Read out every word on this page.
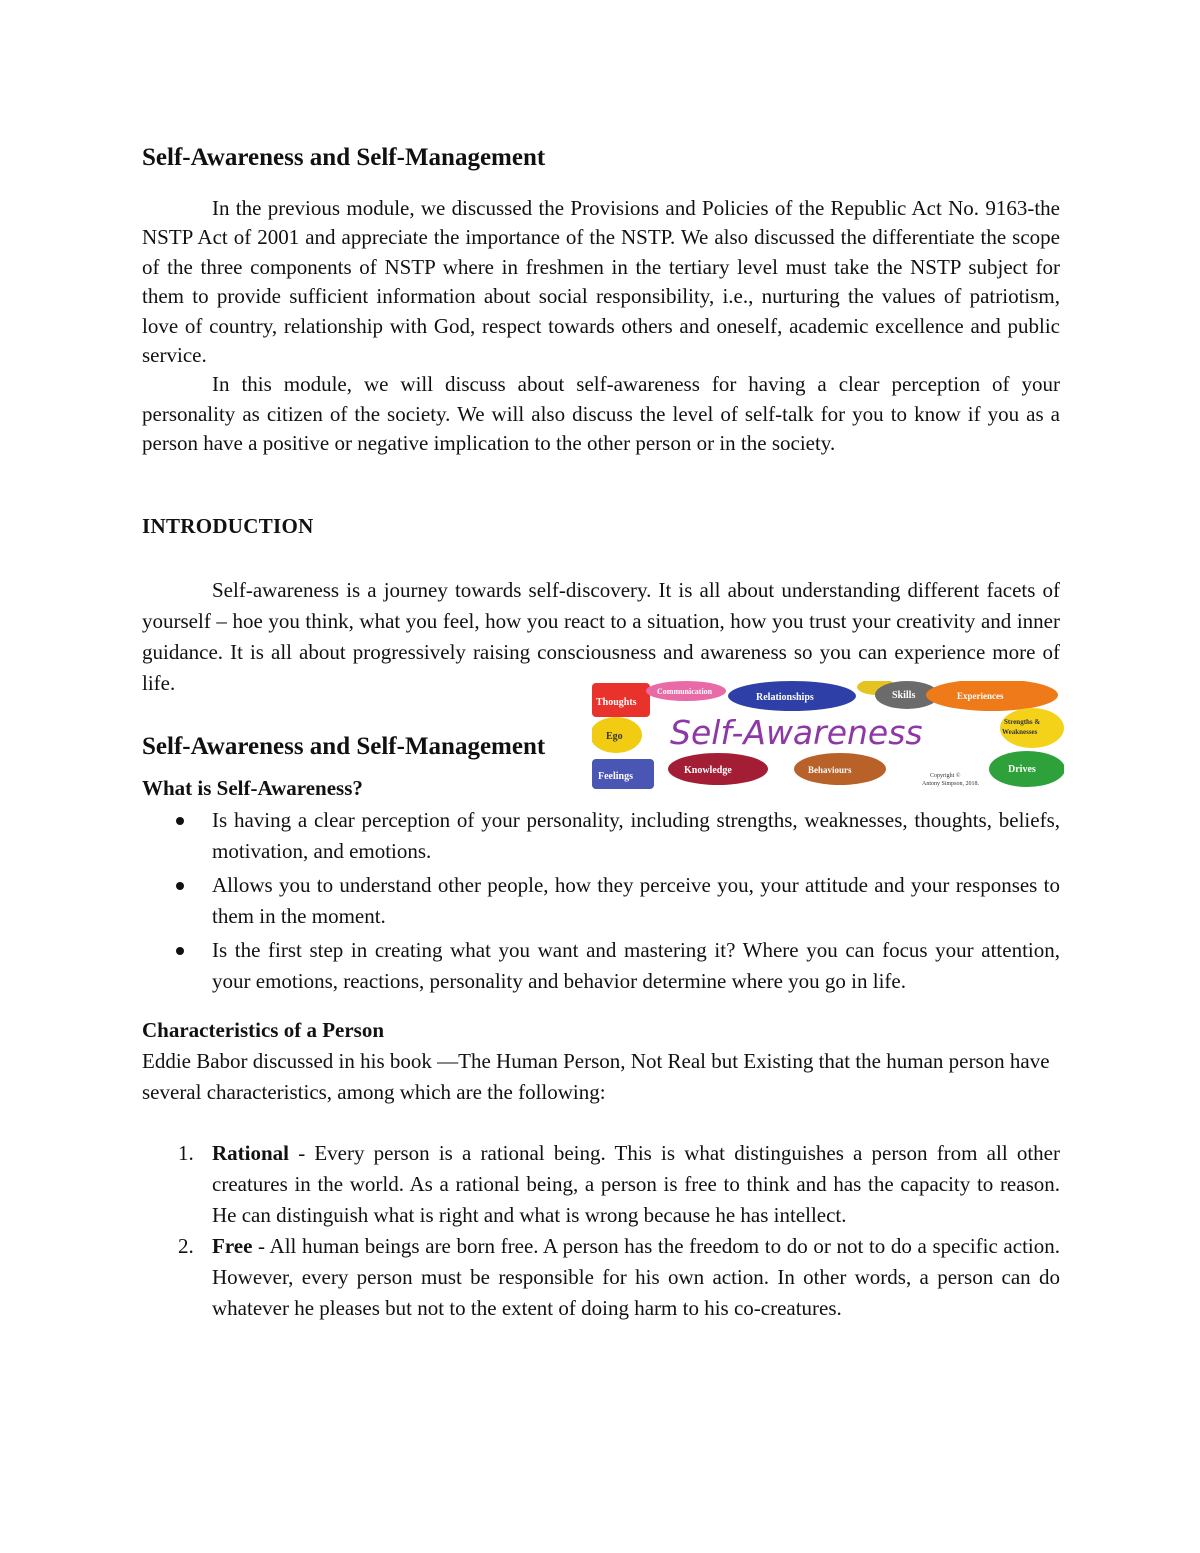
Self-Awareness and Self-Management

In the previous module, we discussed the Provisions and Policies of the Republic Act No. 9163-the NSTP Act of 2001 and appreciate the importance of the NSTP. We also discussed the differentiate the scope of the three components of NSTP where in freshmen in the tertiary level must take the NSTP subject for them to provide sufficient information about social responsibility, i.e., nurturing the values of patriotism, love of country, relationship with God, respect towards others and oneself, academic excellence and public service.

In this module, we will discuss about self-awareness for having a clear perception of your personality as citizen of the society. We will also discuss the level of self-talk for you to know if you as a person have a positive or negative implication to the other person or in the society.

INTRODUCTION

Self-awareness is a journey towards self-discovery. It is all about understanding different facets of yourself – hoe you think, what you feel, how you react to a situation, how you trust your creativity and inner guidance. It is all about progressively raising consciousness and awareness so you can experience more of life.

Self-Awareness and Self-Management
What is Self-Awareness?
Is having a clear perception of your personality, including strengths, weaknesses, thoughts, beliefs, motivation, and emotions.
Allows you to understand other people, how they perceive you, your attitude and your responses to them in the moment.
Is the first step in creating what you want and mastering it? Where you can focus your attention, your emotions, reactions, personality and behavior determine where you go in life.
Characteristics of a Person

Eddie Babor discussed in his book ―The Human Person, Not Real but Existing that the human person have several characteristics, among which are the following:

1. Rational - Every person is a rational being. This is what distinguishes a person from all other creatures in the world. As a rational being, a person is free to think and has the capacity to reason. He can distinguish what is right and what is wrong because he has intellect.
2. Free - All human beings are born free. A person has the freedom to do or not to do a specific action. However, every person must be responsible for his own action. In other words, a person can do whatever he pleases but not to the extent of doing harm to his co-creatures.
Thoughts
Communication
Relationships	Skills	Experiences
Ego
Strengths &
Weaknesses
Feelings
Knowledge	Behaviours	Drives
Self-Awareness
Copyright ©
Antony Simpson, 2018.
